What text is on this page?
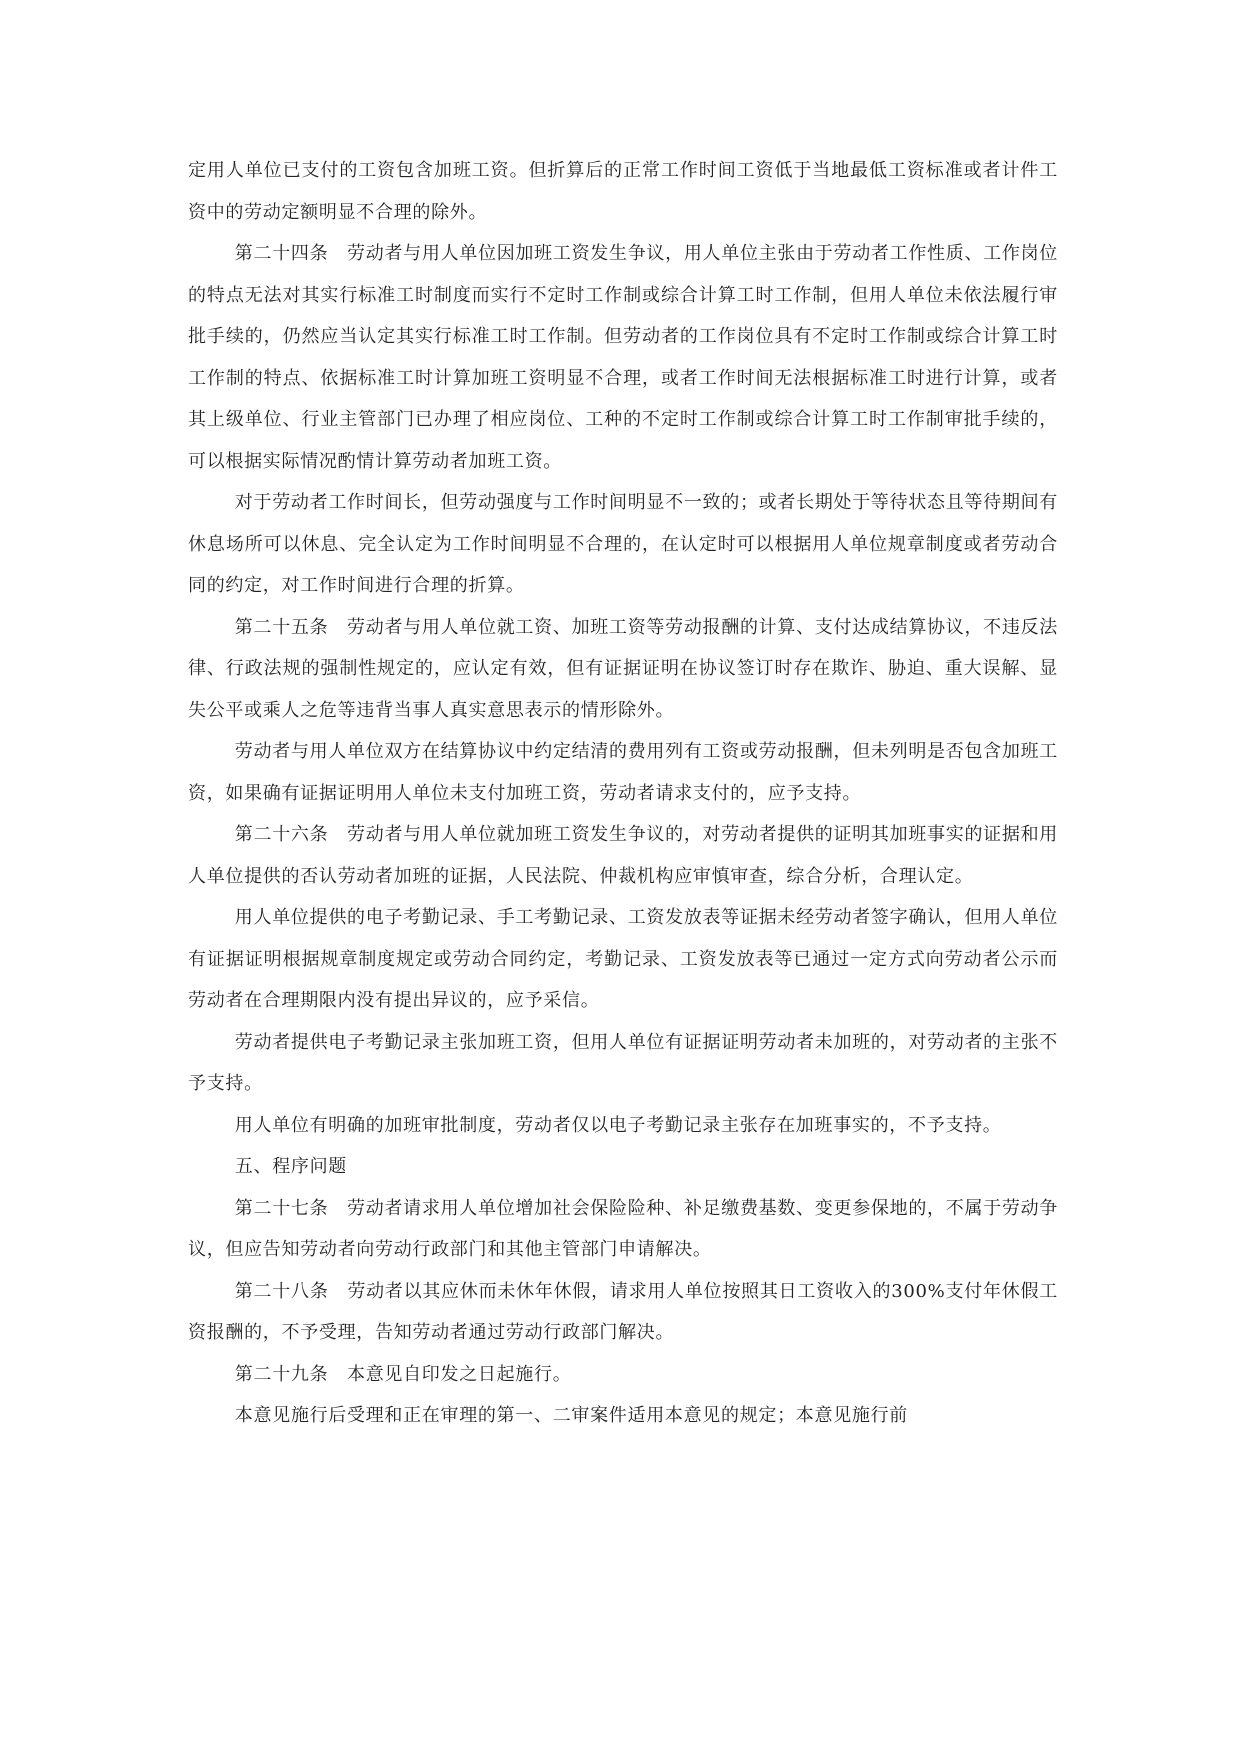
定用人单位已支付的工资包含加班工资。但折算后的正常工作时间工资低于当地最低工资标准或者计件工资中的劳动定额明显不合理的除外。

第二十四条　劳动者与用人单位因加班工资发生争议，用人单位主张由于劳动者工作性质、工作岗位的特点无法对其实行标准工时制度而实行不定时工作制或综合计算工时工作制，但用人单位未依法履行审批手续的，仍然应当认定其实行标准工时工作制。但劳动者的工作岗位具有不定时工作制或综合计算工时工作制的特点、依据标准工时计算加班工资明显不合理，或者工作时间无法根据标准工时进行计算，或者其上级单位、行业主管部门已办理了相应岗位、工种的不定时工作制或综合计算工时工作制审批手续的，可以根据实际情况酌情计算劳动者加班工资。

对于劳动者工作时间长，但劳动强度与工作时间明显不一致的；或者长期处于等待状态且等待期间有休息场所可以休息、完全认定为工作时间明显不合理的，在认定时可以根据用人单位规章制度或者劳动合同的约定，对工作时间进行合理的折算。

第二十五条　劳动者与用人单位就工资、加班工资等劳动报酬的计算、支付达成结算协议，不违反法律、行政法规的强制性规定的，应认定有效，但有证据证明在协议签订时存在欺诈、胁迫、重大误解、显失公平或乘人之危等违背当事人真实意思表示的情形除外。

劳动者与用人单位双方在结算协议中约定结清的费用列有工资或劳动报酬，但未列明是否包含加班工资，如果确有证据证明用人单位未支付加班工资，劳动者请求支付的，应予支持。

第二十六条　劳动者与用人单位就加班工资发生争议的，对劳动者提供的证明其加班事实的证据和用人单位提供的否认劳动者加班的证据，人民法院、仲裁机构应审慎审查，综合分析，合理认定。

用人单位提供的电子考勤记录、手工考勤记录、工资发放表等证据未经劳动者签字确认，但用人单位有证据证明根据规章制度规定或劳动合同约定，考勤记录、工资发放表等已通过一定方式向劳动者公示而劳动者在合理期限内没有提出异议的，应予采信。

劳动者提供电子考勤记录主张加班工资，但用人单位有证据证明劳动者未加班的，对劳动者的主张不予支持。

用人单位有明确的加班审批制度，劳动者仅以电子考勤记录主张存在加班事实的，不予支持。

五、程序问题

第二十七条　劳动者请求用人单位增加社会保险险种、补足缴费基数、变更参保地的，不属于劳动争议，但应告知劳动者向劳动行政部门和其他主管部门申请解决。

第二十八条　劳动者以其应休而未休年休假，请求用人单位按照其日工资收入的300%支付年休假工资报酬的，不予受理，告知劳动者通过劳动行政部门解决。

第二十九条　本意见自印发之日起施行。

本意见施行后受理和正在审理的第一、二审案件适用本意见的规定；本意见施行前
